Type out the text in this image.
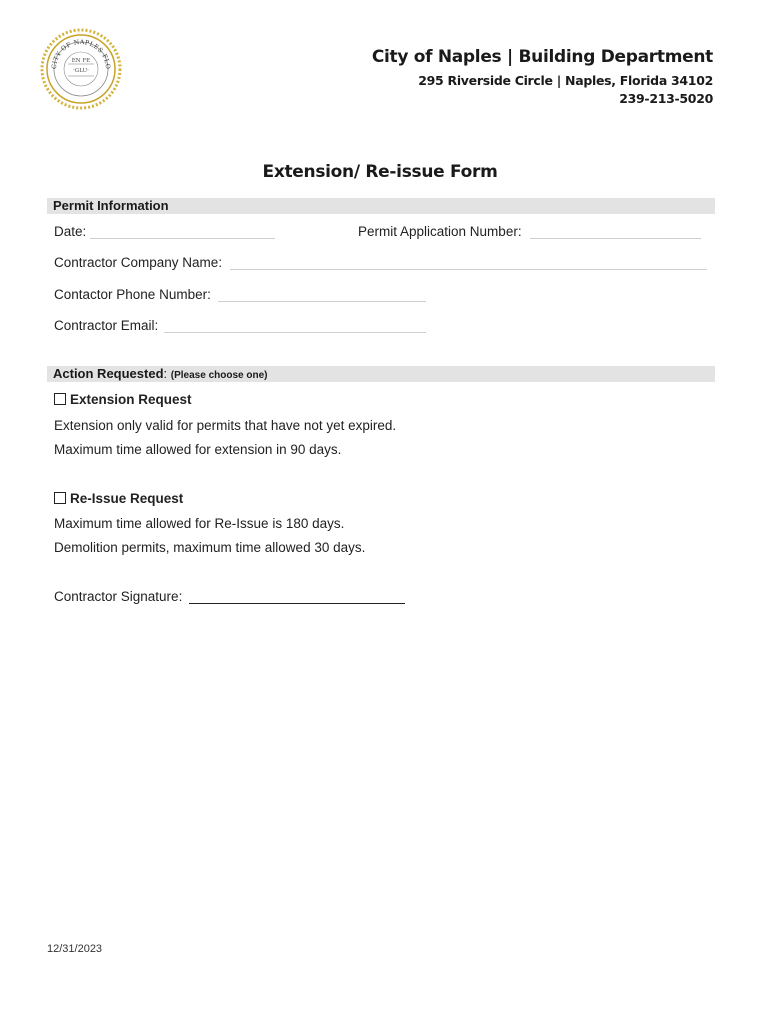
CITY OF NAPLES FLO
EN FE
·GLU·
City of Naples | Building Department
295 Riverside Circle | Naples, Florida 34102
239-213-5020
Extension/ Re-issue Form
Permit Information
Date:	Permit Application Number:
Contractor Company Name:
Contactor Phone Number:
Contractor Email:
Action Requested: (Please choose one)
Extension Request
Extension only valid for permits that have not yet expired.
Maximum time allowed for extension in 90 days.
Re-Issue Request
Maximum time allowed for Re-Issue is 180 days.
Demolition permits, maximum time allowed 30 days.
Contractor Signature:
12/31/2023
